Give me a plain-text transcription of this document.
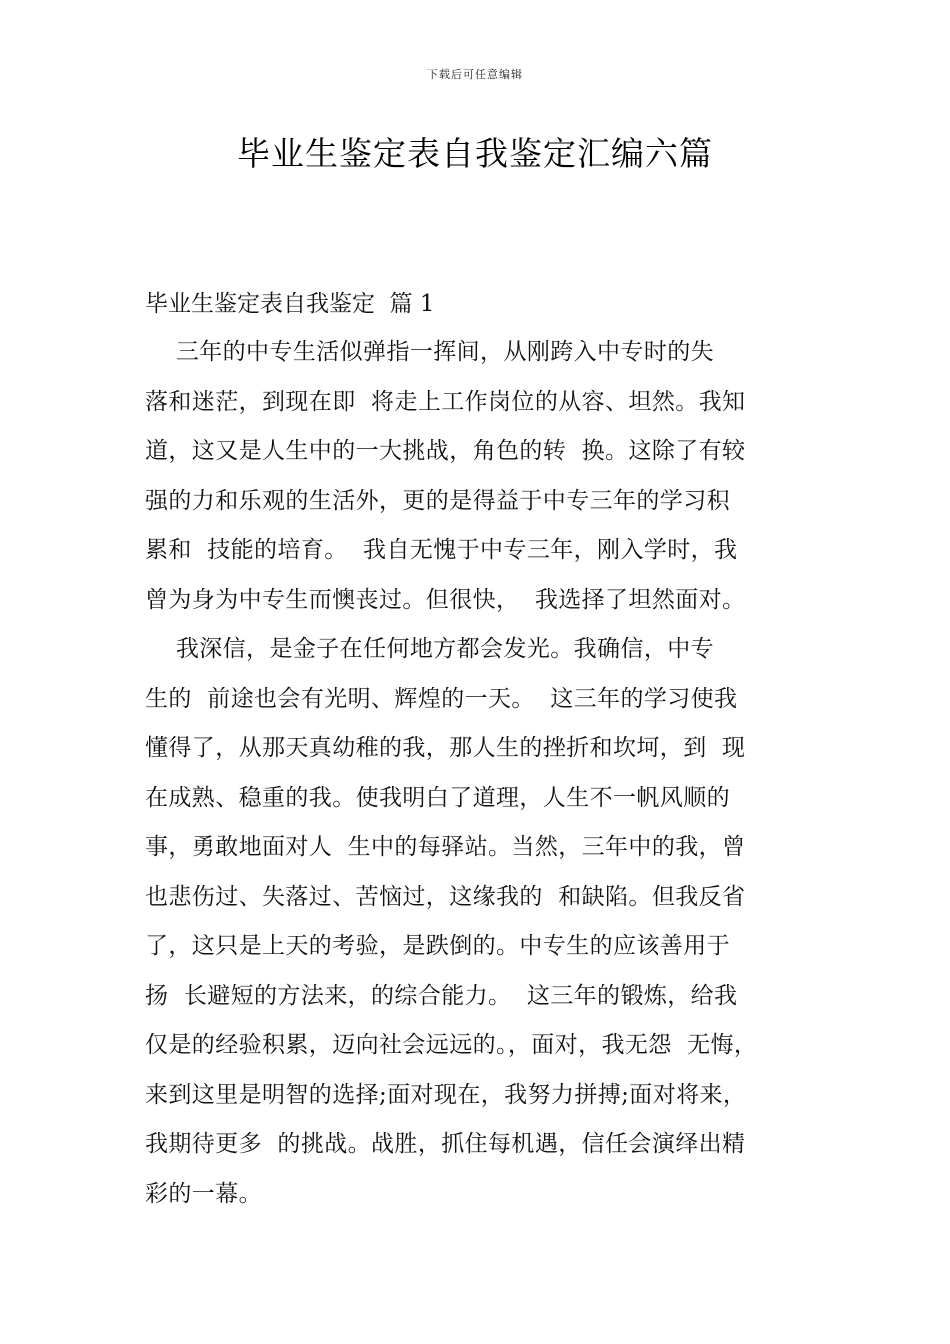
下载后可任意编辑
毕业生鉴定表自我鉴定汇编六篇
毕业生鉴定表自我鉴定  篇 1
三年的中专生活似弹指一挥间，从刚跨入中专时的失
落和迷茫，到现在即  将走上工作岗位的从容、坦然。我知
道，这又是人生中的一大挑战，角色的转  换。这除了有较
强的力和乐观的生活外，更的是得益于中专三年的学习积
累和  技能的培育。  我自无愧于中专三年，刚入学时，我
曾为身为中专生而懊丧过。但很快，  我选择了坦然面对。
我深信，是金子在任何地方都会发光。我确信，中专
生的  前途也会有光明、辉煌的一天。  这三年的学习使我
懂得了，从那天真幼稚的我，那人生的挫折和坎坷，到  现
在成熟、稳重的我。使我明白了道理，人生不一帆风顺的
事，勇敢地面对人  生中的每驿站。当然，三年中的我，曾
也悲伤过、失落过、苦恼过，这缘我的  和缺陷。但我反省
了，这只是上天的考验，是跌倒的。中专生的应该善用于
扬  长避短的方法来，的综合能力。  这三年的锻炼，给我
仅是的经验积累，迈向社会远远的。，面对，我无怨  无悔，
来到这里是明智的选择;面对现在，我努力拼搏;面对将来，
我期待更多  的挑战。战胜，抓住每机遇，信任会演绎出精
彩的一幕。
